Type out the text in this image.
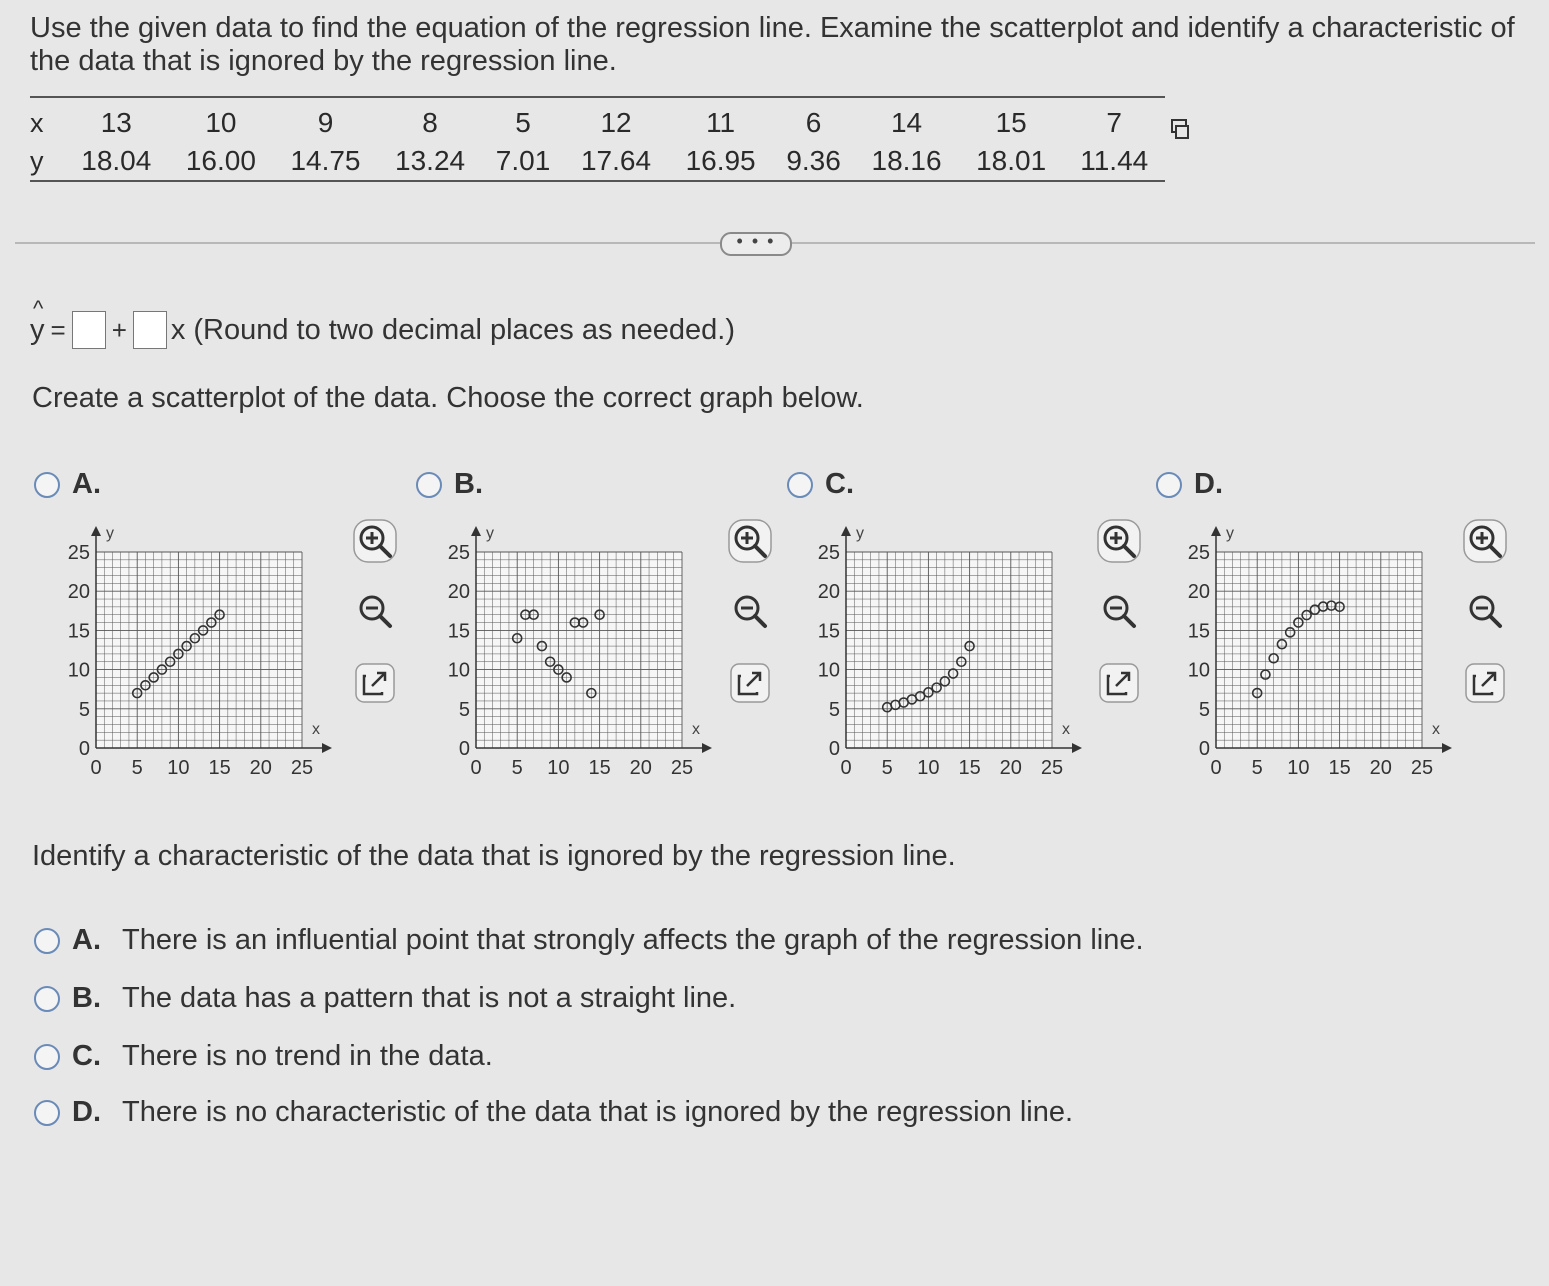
Use the given data to find the equation of the regression line. Examine the scatterplot and identify a characteristic of the data that is ignored by the regression line.
x	13	10	9	8	5	12	11	6	14	15	7
y	18.04	16.00	14.75	13.24	7.01	17.64	16.95	9.36	18.16	18.01	11.44
• • •
^ y = + x (Round to two decimal places as needed.)
Create a scatterplot of the data. Choose the correct graph below.
A.	B.	C.	D.
x
y
0 5 10 15 20 25
0
5
10
15
20
25
x
y
0 5 10 15 20 25
0
5
10
15
20
25
x
y
0 5 10 15 20 25
0
5
10
15
20
25
x
y
0 5 10 15 20 25
0
5
10
15
20
25
Identify a characteristic of the data that is ignored by the regression line.
A. There is an influential point that strongly affects the graph of the regression line.
B. The data has a pattern that is not a straight line.
C. There is no trend in the data.
D. There is no characteristic of the data that is ignored by the regression line.
